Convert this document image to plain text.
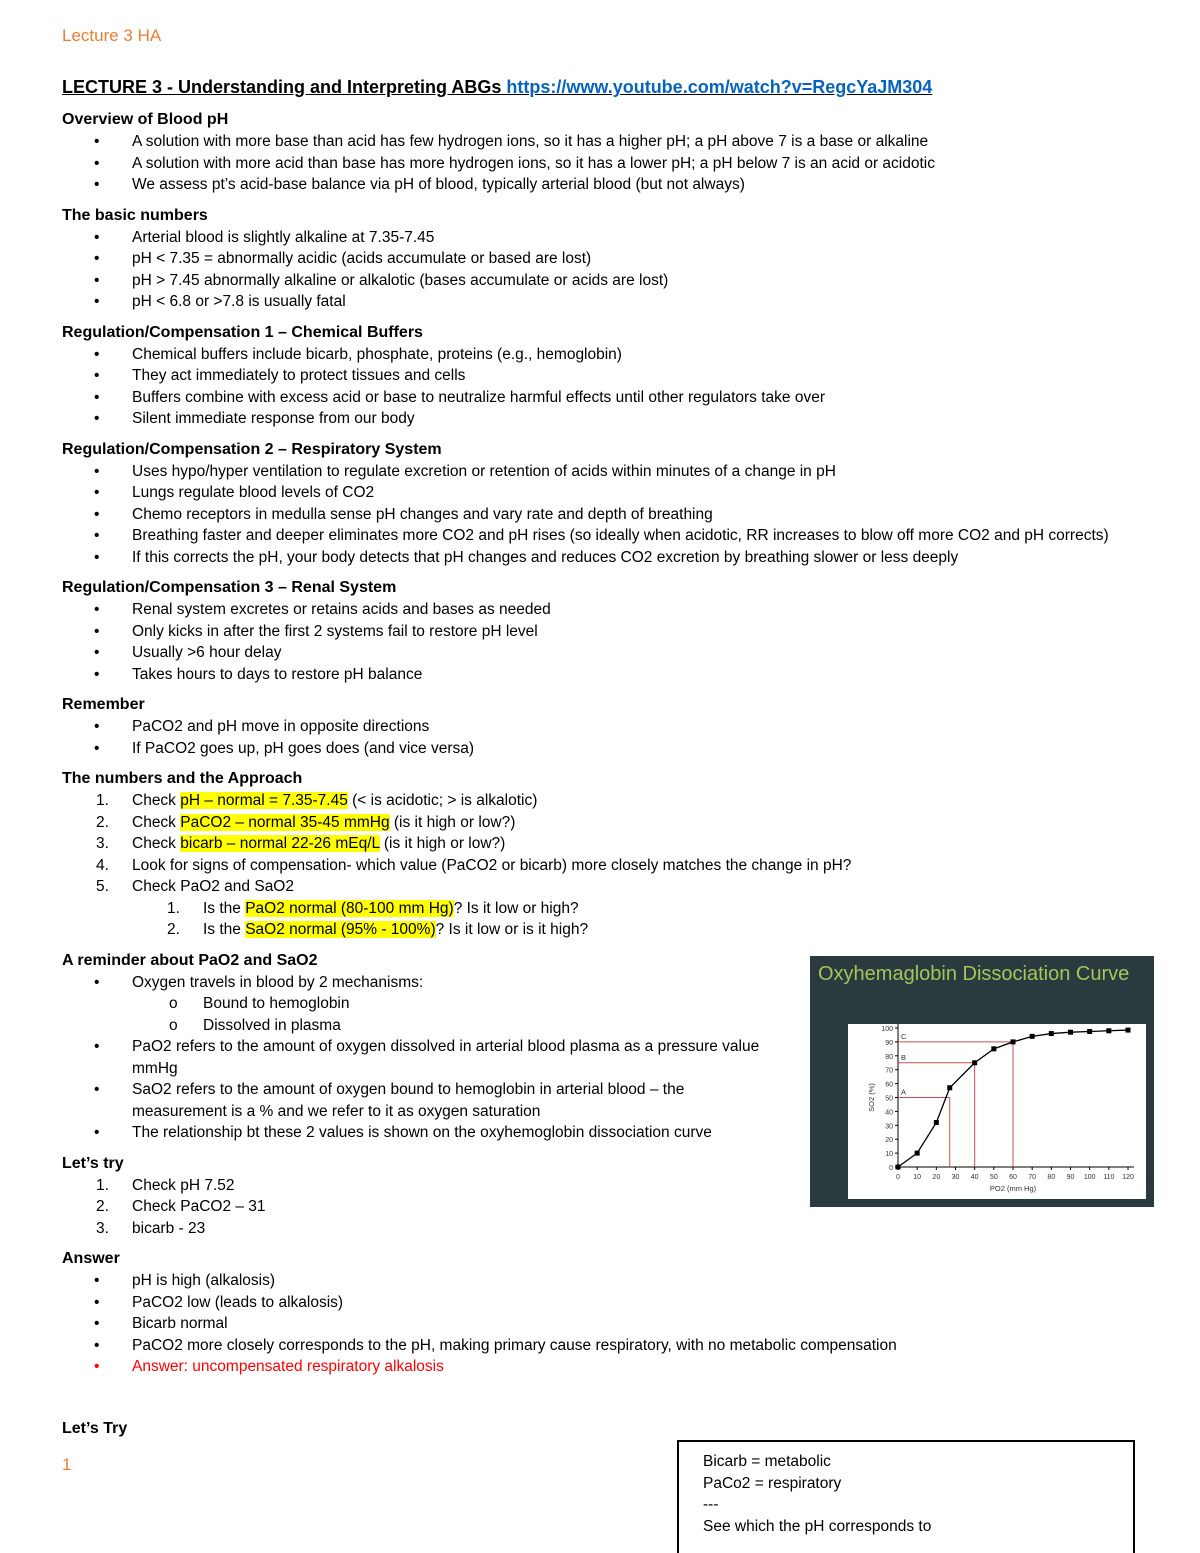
Lecture 3 HA
LECTURE 3 - Understanding and Interpreting ABGs https://www.youtube.com/watch?v=RegcYaJM304
Overview of Blood pH
• A solution with more base than acid has few hydrogen ions, so it has a higher pH; a pH above 7 is a base or alkaline
• A solution with more acid than base has more hydrogen ions, so it has a lower pH; a pH below 7 is an acid or acidotic
• We assess pt’s acid-base balance via pH of blood, typically arterial blood (but not always)
The basic numbers
• Arterial blood is slightly alkaline at 7.35-7.45
• pH < 7.35 = abnormally acidic (acids accumulate or based are lost)
• pH > 7.45 abnormally alkaline or alkalotic (bases accumulate or acids are lost)
• pH < 6.8 or >7.8 is usually fatal
Regulation/Compensation 1 – Chemical Buffers
• Chemical buffers include bicarb, phosphate, proteins (e.g., hemoglobin)
• They act immediately to protect tissues and cells
• Buffers combine with excess acid or base to neutralize harmful effects until other regulators take over
• Silent immediate response from our body
Regulation/Compensation 2 – Respiratory System
• Uses hypo/hyper ventilation to regulate excretion or retention of acids within minutes of a change in pH
• Lungs regulate blood levels of CO2
• Chemo receptors in medulla sense pH changes and vary rate and depth of breathing
• Breathing faster and deeper eliminates more CO2 and pH rises (so ideally when acidotic, RR increases to blow off more CO2 and pH corrects)
• If this corrects the pH, your body detects that pH changes and reduces CO2 excretion by breathing slower or less deeply
Regulation/Compensation 3 – Renal System
• Renal system excretes or retains acids and bases as needed
• Only kicks in after the first 2 systems fail to restore pH level
• Usually >6 hour delay
• Takes hours to days to restore pH balance
Remember
• PaCO2 and pH move in opposite directions
• If PaCO2 goes up, pH goes does (and vice versa)
The numbers and the Approach
1. Check pH – normal = 7.35-7.45 (< is acidotic; > is alkalotic)
2. Check PaCO2 – normal 35-45 mmHg (is it high or low?)
3. Check bicarb – normal 22-26 mEq/L (is it high or low?)
4. Look for signs of compensation- which value (PaCO2 or bicarb) more closely matches the change in pH?
5. Check PaO2 and SaO2
1. Is the PaO2 normal (80-100 mm Hg)? Is it low or high?
2. Is the SaO2 normal (95% - 100%)? Is it low or is it high?
A reminder about PaO2 and SaO2
• Oxygen travels in blood by 2 mechanisms:
o Bound to hemoglobin
o Dissolved in plasma
• PaO2 refers to the amount of oxygen dissolved in arterial blood plasma as a pressure value mmHg
• SaO2 refers to the amount of oxygen bound to hemoglobin in arterial blood – the measurement is a % and we refer to it as oxygen saturation
• The relationship bt these 2 values is shown on the oxyhemoglobin dissociation curve
Let’s try
1. Check pH 7.52
2. Check PaCO2 – 31
3. bicarb - 23
Answer
• pH is high (alkalosis)
• PaCO2 low (leads to alkalosis)
• Bicarb normal
• PaCO2 more closely corresponds to the pH, making primary cause respiratory, with no metabolic compensation
• Answer: uncompensated respiratory alkalosis
Let’s Try
1
Oxyhemaglobin Dissociation Curve
0
10
20
30
40
50
60
70
80
90
100
0 10 20 30 40 50 60 70 80 90 100 110 120
PO2 (mm Hg)
SO2 (%)	A
B
C
Bicarb = metabolic
PaCo2 = respiratory
---
See which the pH corresponds to
